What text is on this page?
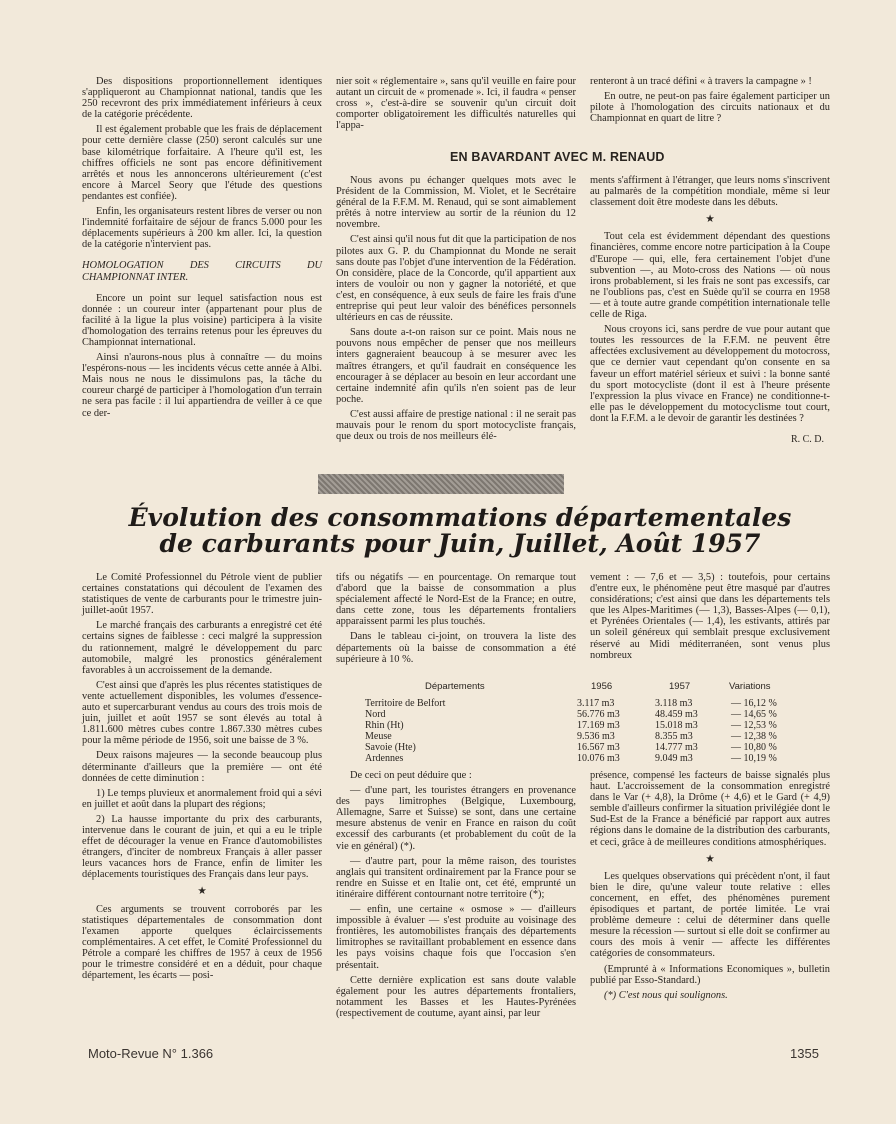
Des dispositions proportionnellement identiques s'appliqueront au Championnat national, tandis que les 250 recevront des prix immédiatement inférieurs à ceux de la catégorie précédente.

Il est également probable que les frais de déplacement pour cette dernière classe (250) seront calculés sur une base kilométrique forfaitaire. A l'heure qu'il est, les chiffres officiels ne sont pas encore définitivement arrêtés et nous les annoncerons ultérieurement (c'est encore à Marcel Seory que l'étude des questions pendantes est confiée).

Enfin, les organisateurs restent libres de verser ou non l'indemnité forfaitaire de séjour de francs 5.000 pour les déplacements supérieurs à 200 km aller. Ici, la question de la catégorie n'intervient pas.

HOMOLOGATION DES CIRCUITS DU CHAMPIONNAT INTER.

Encore un point sur lequel satisfaction nous est donnée : un coureur inter (appartenant pour plus de facilité à la ligue la plus voisine) participera à la visite d'homologation des terrains retenus pour les épreuves du Championnat international.

Ainsi n'aurons-nous plus à connaître — du moins l'espérons-nous — les incidents vécus cette année à Albi. Mais nous ne nous le dissimulons pas, la tâche du coureur chargé de participer à l'homologation d'un terrain ne sera pas facile : il lui appartiendra de veiller à ce que ce der-

nier soit « réglementaire », sans qu'il veuille en faire pour autant un circuit de « promenade ». Ici, il faudra « penser cross », c'est-à-dire se souvenir qu'un circuit doit comporter obligatoirement les difficultés naturelles qui l'appa-

renteront à un tracé défini « à travers la campagne » !

En outre, ne peut-on pas faire également participer un pilote à l'homologation des circuits nationaux et du Championnat en quart de litre ?

EN BAVARDANT AVEC M. RENAUD

Nous avons pu échanger quelques mots avec le Président de la Commission, M. Violet, et le Secrétaire général de la F.F.M. M. Renaud, qui se sont aimablement prêtés à notre interview au sortir de la réunion du 12 novembre.

C'est ainsi qu'il nous fut dit que la participation de nos pilotes aux G. P. du Championnat du Monde ne serait sans doute pas l'objet d'une intervention de la Fédération. On considère, place de la Concorde, qu'il appartient aux inters de vouloir ou non y gagner la notoriété, et que c'est, en conséquence, à eux seuls de faire les frais d'une entreprise qui peut leur valoir des bénéfices personnels ultérieurs en cas de réussite.

Sans doute a-t-on raison sur ce point. Mais nous ne pouvons nous empêcher de penser que nos meilleurs inters gagneraient beaucoup à se mesurer avec les maîtres étrangers, et qu'il faudrait en conséquence les encourager à se déplacer au besoin en leur accordant une certaine indemnité afin qu'ils n'en soient pas de leur poche.

C'est aussi affaire de prestige national : il ne serait pas mauvais pour le renom du sport motocycliste français, que deux ou trois de nos meilleurs élé-

ments s'affirment à l'étranger, que leurs noms s'inscrivent au palmarès de la compétition mondiale, même si leur classement doit être modeste dans les débuts.

★

Tout cela est évidemment dépendant des questions financières, comme encore notre participation à la Coupe d'Europe — qui, elle, fera certainement l'objet d'une subvention —, au Moto-cross des Nations — où nous irons probablement, si les frais ne sont pas excessifs, car ne l'oublions pas, c'est en Suède qu'il se courra en 1958 — et à toute autre grande compétition internationale telle celle de Riga.

Nous croyons ici, sans perdre de vue pour autant que toutes les ressources de la F.F.M. ne peuvent être affectées exclusivement au développement du motocross, que ce dernier vaut cependant qu'on consente en sa faveur un effort matériel sérieux et suivi : la bonne santé du sport motocycliste (dont il est à l'heure présente l'expression la plus vivace en France) ne conditionne-t-elle pas le développement du motocyclisme tout court, dont la F.F.M. a le devoir de garantir les destinées ?

R. C. D.
Évolution des consommations départementales
de carburants pour Juin, Juillet, Août 1957

Le Comité Professionnel du Pétrole vient de publier certaines constatations qui découlent de l'examen des statistiques de vente de carburants pour le trimestre juin-juillet-août 1957.

Le marché français des carburants a enregistré cet été certains signes de faiblesse : ceci malgré la suppression du rationnement, malgré le développement du parc automobile, malgré les pronostics généralement favorables à un accroissement de la demande.

C'est ainsi que d'après les plus récentes statistiques de vente actuellement disponibles, les volumes d'essence-auto et supercarburant vendus au cours des trois mois de juin, juillet et août 1957 se sont élevés au total à 1.811.600 mètres cubes contre 1.867.330 mètres cubes pour la même période de 1956, soit une baisse de 3 %.

Deux raisons majeures — la seconde beaucoup plus déterminante d'ailleurs que la première — ont été données de cette diminution :

1) Le temps pluvieux et anormalement froid qui a sévi en juillet et août dans la plupart des régions;

2) La hausse importante du prix des carburants, intervenue dans le courant de juin, et qui a eu le triple effet de décourager la venue en France d'automobilistes étrangers, d'inciter de nombreux Français à aller passer leurs vacances hors de France, enfin de limiter les déplacements touristiques des Français dans leur pays.

★

Ces arguments se trouvent corroborés par les statistiques départementales de consommation dont l'examen apporte quelques éclaircissements complémentaires. A cet effet, le Comité Professionnel du Pétrole a comparé les chiffres de 1957 à ceux de 1956 pour le trimestre considéré et en a déduit, pour chaque département, les écarts — posi-

tifs ou négatifs — en pourcentage. On remarque tout d'abord que la baisse de consommation a plus spécialement affecté le Nord-Est de la France; en outre, dans cette zone, tous les départements frontaliers apparaissent parmi les plus touchés.

Dans le tableau ci-joint, on trouvera la liste des départements où la baisse de consommation a été supérieure à 10 %.

vement : — 7,6 et — 3,5) : toutefois, pour certains d'entre eux, le phénomène peut être masqué par d'autres considérations; c'est ainsi que dans les départements tels que les Alpes-Maritimes (— 1,3), Basses-Alpes (— 0,1), et Pyrénées Orientales (— 1,4), les estivants, attirés par un soleil généreux qui semblait presque exclusivement réservé au Midi méditerranéen, sont venus plus nombreux

Départements	1956	1957	Variations
Territoire de Belfort	3.117 m3	3.118 m3	— 16,12 %
Nord	56.776 m3	48.459 m3	— 14,65 %
Rhin (Ht)	17.169 m3	15.018 m3	— 12,53 %
Meuse	9.536 m3	8.355 m3	— 12,38 %
Savoie (Hte)	16.567 m3	14.777 m3	— 10,80 %
Ardennes	10.076 m3	9.049 m3	— 10,19 %

De ceci on peut déduire que :

— d'une part, les touristes étrangers en provenance des pays limitrophes (Belgique, Luxembourg, Allemagne, Sarre et Suisse) se sont, dans une certaine mesure abstenus de venir en France en raison du coût excessif des carburants (et probablement du coût de la vie en général) (*).

— d'autre part, pour la même raison, des touristes anglais qui transitent ordinairement par la France pour se rendre en Suisse et en Italie ont, cet été, emprunté un itinéraire différent contournant notre territoire (*);

— enfin, une certaine « osmose » — d'ailleurs impossible à évaluer — s'est produite au voisinage des frontières, les automobilistes français des départements limitrophes se ravitaillant probablement en essence dans les pays voisins chaque fois que l'occasion s'en présentait.

Cette dernière explication est sans doute valable également pour les autres départements frontaliers, notamment les Basses et les Hautes-Pyrénées (respectivement de coutume, ayant ainsi, par leur

présence, compensé les facteurs de baisse signalés plus haut. L'accroissement de la consommation enregistré dans le Var (+ 4,8), la Drôme (+ 4,6) et le Gard (+ 4,9) semble d'ailleurs confirmer la situation privilégiée dont le Sud-Est de la France a bénéficié par rapport aux autres régions dans le domaine de la distribution des carburants, et ceci, grâce à de meilleures conditions atmosphériques.

★

Les quelques observations qui précèdent n'ont, il faut bien le dire, qu'une valeur toute relative : elles concernent, en effet, des phénomènes purement épisodiques et partant, de portée limitée. Le vrai problème demeure : celui de déterminer dans quelle mesure la récession — surtout si elle doit se confirmer au cours des mois à venir — affecte les différentes catégories de consommateurs.

(Emprunté à « Informations Economiques », bulletin publié par Esso-Standard.)

(*) C'est nous qui soulignons.

Moto-Revue N° 1.366	1355
